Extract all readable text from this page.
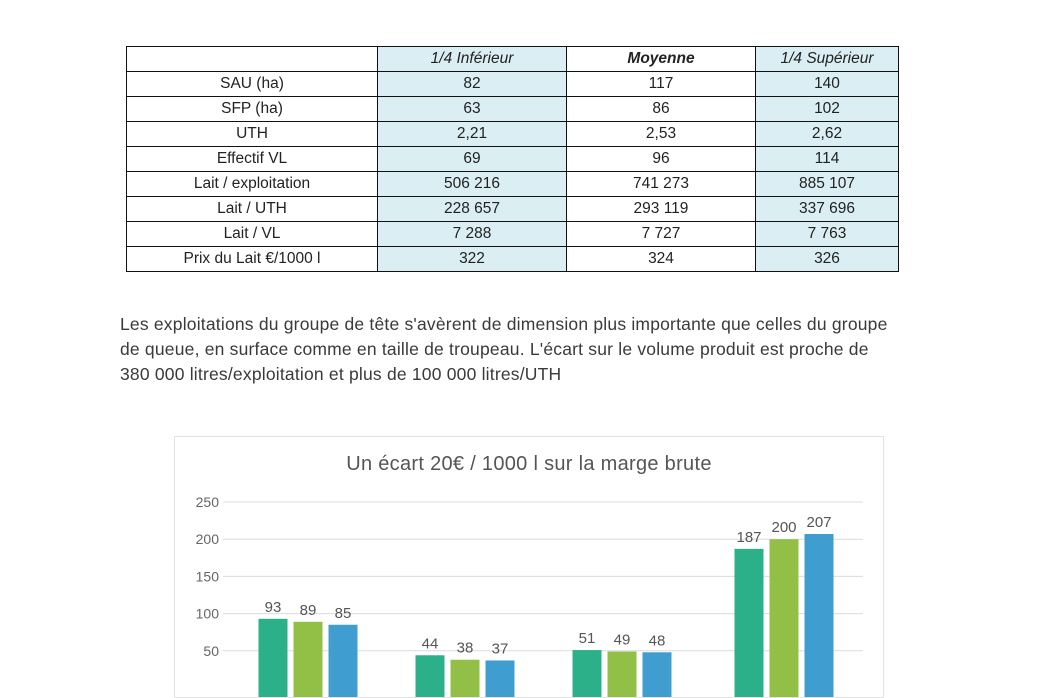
	1/4 Inférieur	Moyenne	1/4 Supérieur
SAU (ha)	82	117	140
SFP (ha)	63	86	102
UTH	2,21	2,53	2,62
Effectif VL	69	96	114
Lait / exploitation	506 216	741 273	885 107
Lait / UTH	228 657	293 119	337 696
Lait / VL	7 288	7 727	7 763
Prix du Lait €/1000 l	322	324	326
Les exploitations du groupe de tête s'avèrent de dimension plus importante que celles du groupe de queue, en surface comme en taille de troupeau. L'écart sur le volume produit est proche de 380 000 litres/exploitation et plus de 100 000 litres/UTH
Un écart 20€ / 1000 l sur la marge brute
50
100
150
200
250
93 89 85
44 38 37
51 49 48
187
200 207
